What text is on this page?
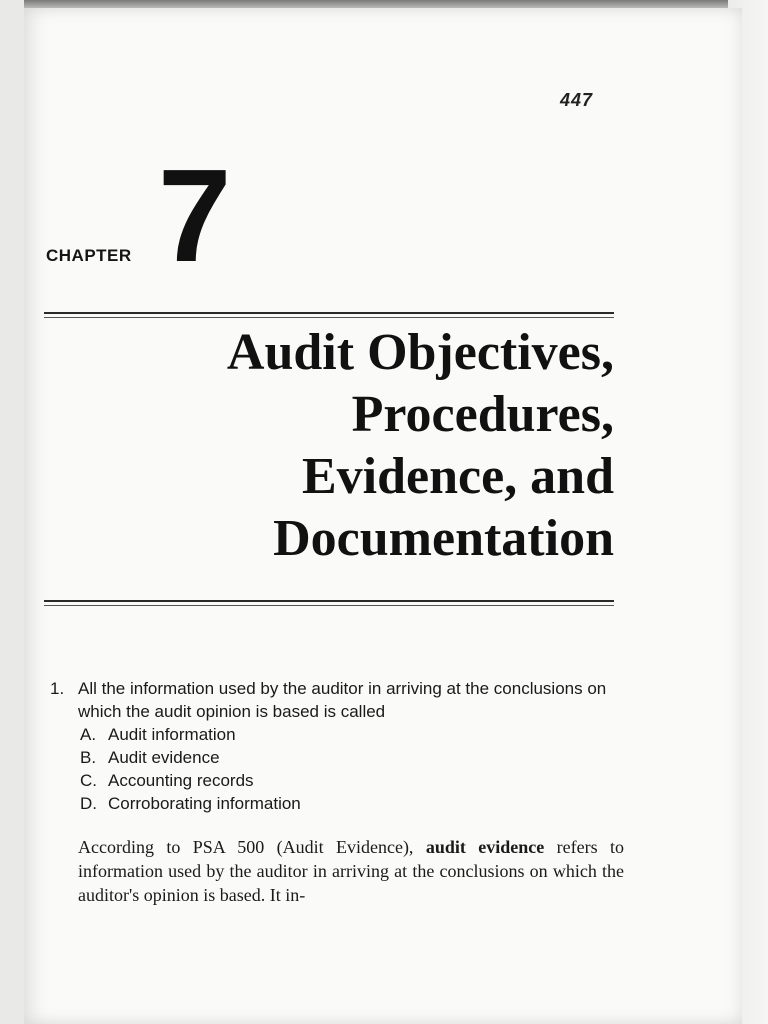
447
CHAPTER 7
Audit Objectives,
Procedures,
Evidence, and
Documentation
1. All the information used by the auditor in arriving at the conclusions on which the audit opinion is based is called
A. Audit information
B. Audit evidence
C. Accounting records
D. Corroborating information

According to PSA 500 (Audit Evidence), audit evidence refers to information used by the auditor in arriving at the conclusions on which the auditor's opinion is based. It in-
